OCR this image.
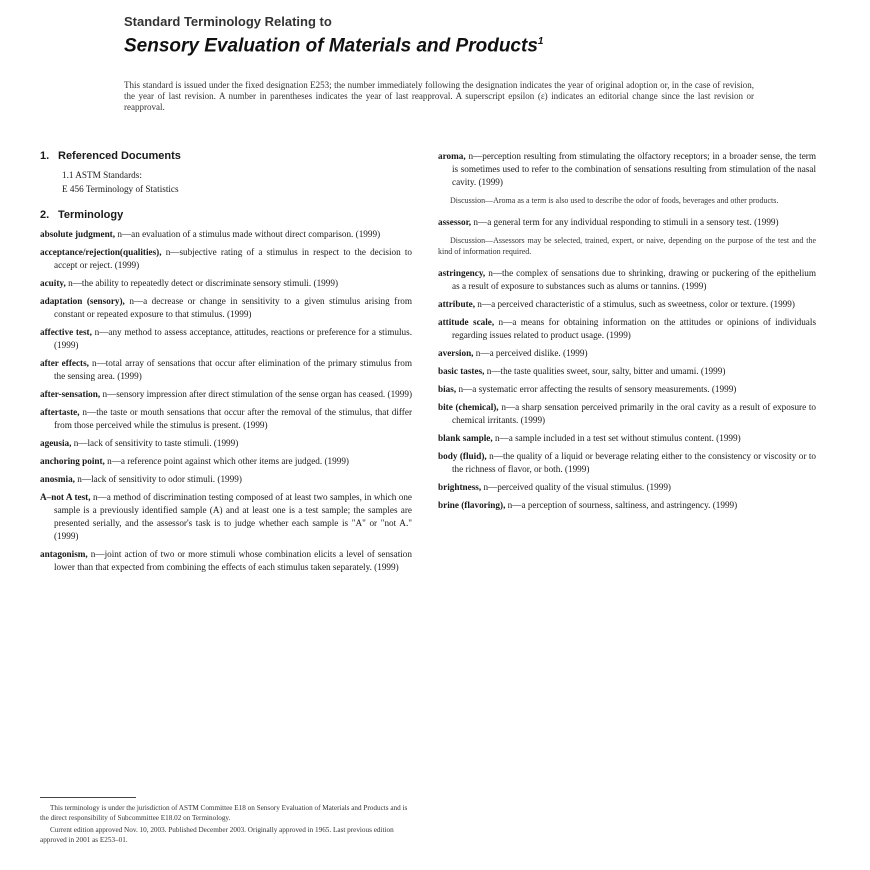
Standard Terminology Relating to
Sensory Evaluation of Materials and Products$^1$
This standard is issued under the fixed designation E253; the number immediately following the designation indicates the year of original adoption or, in the case of revision, the year of last revision. A number in parentheses indicates the year of last reapproval. A superscript epsilon (ε) indicates an editorial change since the last revision or reapproval.
1. Referenced Documents
1.1 ASTM Standards:
E 456 Terminology of Statistics
2. Terminology
absolute judgment, n—an evaluation of a stimulus made without direct comparison. (1999)
acceptance/rejection(qualities), n—subjective rating of a stimulus in respect to the decision to accept or reject. (1999)
acuity, n—the ability to repeatedly detect or discriminate sensory stimuli. (1999)
adaptation (sensory), n—a decrease or change in sensitivity to a given stimulus arising from constant or repeated exposure to that stimulus. (1999)
affective test, n—any method to assess acceptance, attitudes, reactions or preference for a stimulus. (1999)
after effects, n—total array of sensations that occur after elimination of the primary stimulus from the sensing area. (1999)
after-sensation, n—sensory impression after direct stimulation of the sense organ has ceased. (1999)
aftertaste, n—the taste or mouth sensations that occur after the removal of the stimulus, that differ from those perceived while the stimulus is present. (1999)
ageusia, n—lack of sensitivity to taste stimuli. (1999)
anchoring point, n—a reference point against which other items are judged. (1999)
anosmia, n—lack of sensitivity to odor stimuli. (1999)
A–not A test, n—a method of discrimination testing composed of at least two samples, in which one sample is a previously identified sample (A) and at least one is a test sample; the samples are presented serially, and the assessor's task is to judge whether each sample is "A" or "not A." (1999)
antagonism, n—joint action of two or more stimuli whose combination elicits a level of sensation lower than that expected from combining the effects of each stimulus taken separately. (1999)

This terminology is under the jurisdiction of ASTM Committee E18 on Sensory Evaluation of Materials and Products and is the direct responsibility of Subcommittee E18.02 on Terminology.

Current edition approved Nov. 10, 2003. Published December 2003. Originally approved in 1965. Last previous edition approved in 2001 as E253–01.

aroma, n—perception resulting from stimulating the olfactory receptors; in a broader sense, the term is sometimes used to refer to the combination of sensations resulting from stimulation of the nasal cavity. (1999)
Discussion—Aroma as a term is also used to describe the odor of foods, beverages and other products.
assessor, n—a general term for any individual responding to stimuli in a sensory test. (1999)
Discussion—Assessors may be selected, trained, expert, or naive, depending on the purpose of the test and the kind of information required.
astringency, n—the complex of sensations due to shrinking, drawing or puckering of the epithelium as a result of exposure to substances such as alums or tannins. (1999)
attribute, n—a perceived characteristic of a stimulus, such as sweetness, color or texture. (1999)
attitude scale, n—a means for obtaining information on the attitudes or opinions of individuals regarding issues related to product usage. (1999)
aversion, n—a perceived dislike. (1999)
basic tastes, n—the taste qualities sweet, sour, salty, bitter and umami. (1999)
bias, n—a systematic error affecting the results of sensory measurements. (1999)
bite (chemical), n—a sharp sensation perceived primarily in the oral cavity as a result of exposure to chemical irritants. (1999)
blank sample, n—a sample included in a test set without stimulus content. (1999)
body (fluid), n—the quality of a liquid or beverage relating either to the consistency or viscosity or to the richness of flavor, or both. (1999)
brightness, n—perceived quality of the visual stimulus. (1999)
brine (flavoring), n—a perception of sourness, saltiness, and astringency. (1999)
